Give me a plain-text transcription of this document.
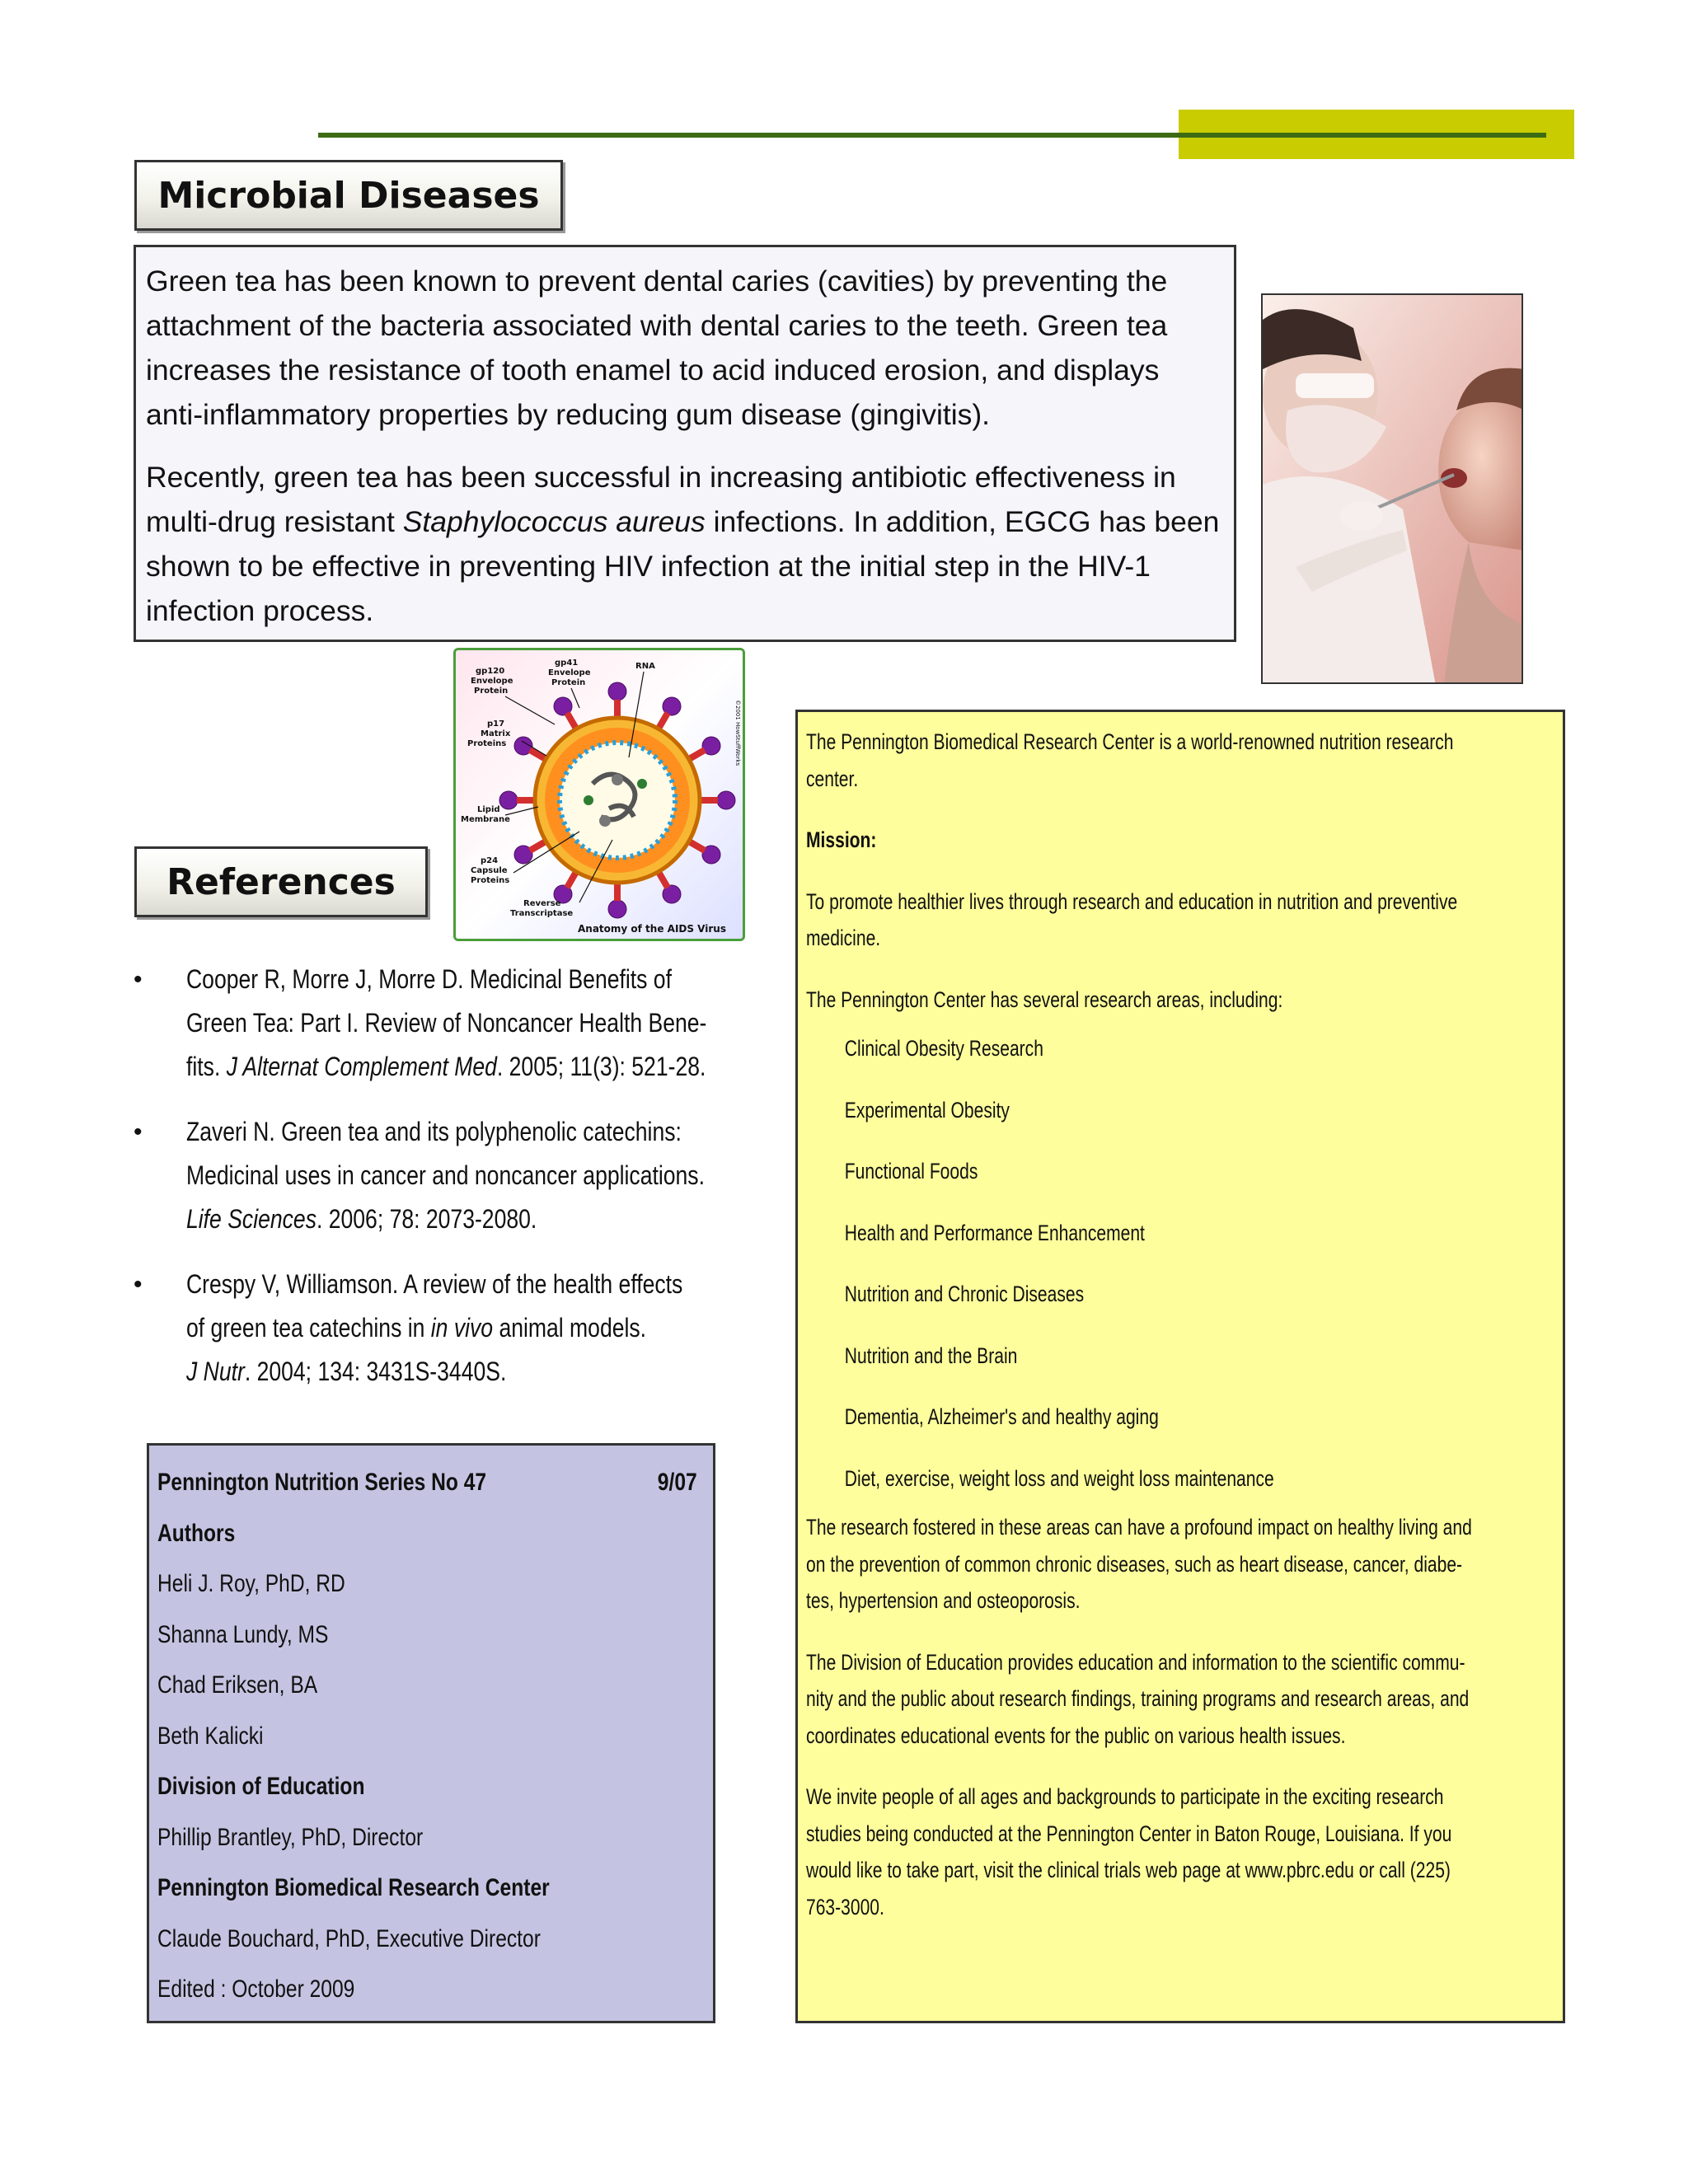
Microbial Diseases

Green tea has been known to prevent dental caries (cavities) by preventing the attachment of the bacteria associated with dental caries to the teeth. Green tea increases the resistance of tooth enamel to acid induced erosion, and displays anti-inflammatory properties by reducing gum disease (gingivitis).

Recently, green tea has been successful in increasing antibiotic effectiveness in multi-drug resistant Staphylococcus aureus infections. In addition, EGCG has been shown to be effective in preventing HIV infection at the initial step in the HIV-1 infection process.

gp120
Envelope
Protein
gp41
Envelope
Protein
RNA
p17
Matrix
Proteins
Lipid
Membrane
p24
Capsule
Proteins
Reverse
Transcriptase
Anatomy of the AIDS Virus
©2001 HowStuffWorks
References
• Cooper R, Morre J, Morre D. Medicinal Benefits of
Green Tea: Part I. Review of Noncancer Health Bene-
fits. J Alternat Complement Med. 2005; 11(3): 521-28.
• Zaveri N. Green tea and its polyphenolic catechins:
Medicinal uses in cancer and noncancer applications.
Life Sciences. 2006; 78: 2073-2080.
• Crespy V, Williamson. A review of the health effects
of green tea catechins in in vivo animal models.
J Nutr. 2004; 134: 3431S-3440S.
Pennington Nutrition Series No 47	9/07
Authors
Heli J. Roy, PhD, RD
Shanna Lundy, MS
Chad Eriksen, BA
Beth Kalicki
Division of Education
Phillip Brantley, PhD, Director
Pennington Biomedical Research Center
Claude Bouchard, PhD, Executive Director
Edited : October 2009
The Pennington Biomedical Research Center is a world-renowned nutrition research
center.
Mission:
To promote healthier lives through research and education in nutrition and preventive
medicine.
The Pennington Center has several research areas, including:
Clinical Obesity Research
Experimental Obesity
Functional Foods
Health and Performance Enhancement
Nutrition and Chronic Diseases
Nutrition and the Brain
Dementia, Alzheimer's and healthy aging
Diet, exercise, weight loss and weight loss maintenance
The research fostered in these areas can have a profound impact on healthy living and
on the prevention of common chronic diseases, such as heart disease, cancer, diabe-
tes, hypertension and osteoporosis.
The Division of Education provides education and information to the scientific commu-
nity and the public about research findings, training programs and research areas, and
coordinates educational events for the public on various health issues.
We invite people of all ages and backgrounds to participate in the exciting research
studies being conducted at the Pennington Center in Baton Rouge, Louisiana. If you
would like to take part, visit the clinical trials web page at www.pbrc.edu or call (225)
763-3000.
